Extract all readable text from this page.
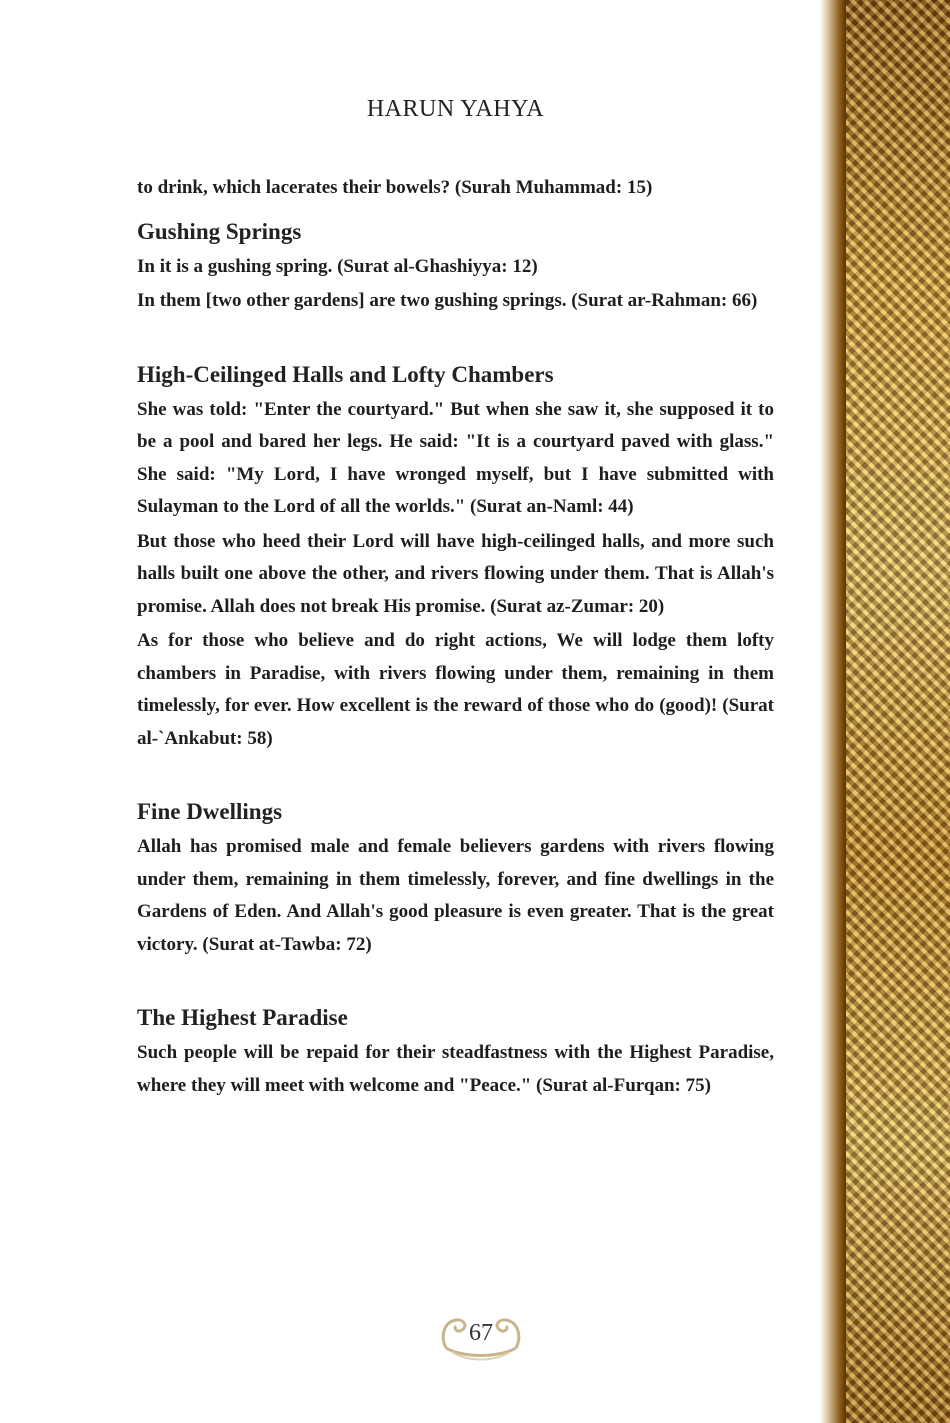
HARUN YAHYA

to drink, which lacerates their bowels? (Surah Muhammad: 15)

Gushing Springs

In it is a gushing spring. (Surat al-Ghashiyya: 12)

In them [two other gardens] are two gushing springs. (Surat ar-Rahman: 66)

High-Ceilinged Halls and Lofty Chambers

She was told: "Enter the courtyard." But when she saw it, she supposed it to be a pool and bared her legs. He said: "It is a courtyard paved with glass." She said: "My Lord, I have wronged myself, but I have submitted with Sulayman to the Lord of all the worlds." (Surat an-Naml: 44)

But those who heed their Lord will have high-ceilinged halls, and more such halls built one above the other, and rivers flowing under them. That is Allah's promise. Allah does not break His promise. (Surat az-Zumar: 20)

As for those who believe and do right actions, We will lodge them lofty chambers in Paradise, with rivers flowing under them, remaining in them timelessly, for ever. How excellent is the reward of those who do (good)! (Surat al-`Ankabut: 58)

Fine Dwellings

Allah has promised male and female believers gardens with rivers flowing under them, remaining in them timelessly, forever, and fine dwellings in the Gardens of Eden. And Allah's good pleasure is even greater. That is the great victory. (Surat at-Tawba: 72)

The Highest Paradise

Such people will be repaid for their steadfastness with the Highest Paradise, where they will meet with welcome and "Peace." (Surat al-Furqan: 75)

67
